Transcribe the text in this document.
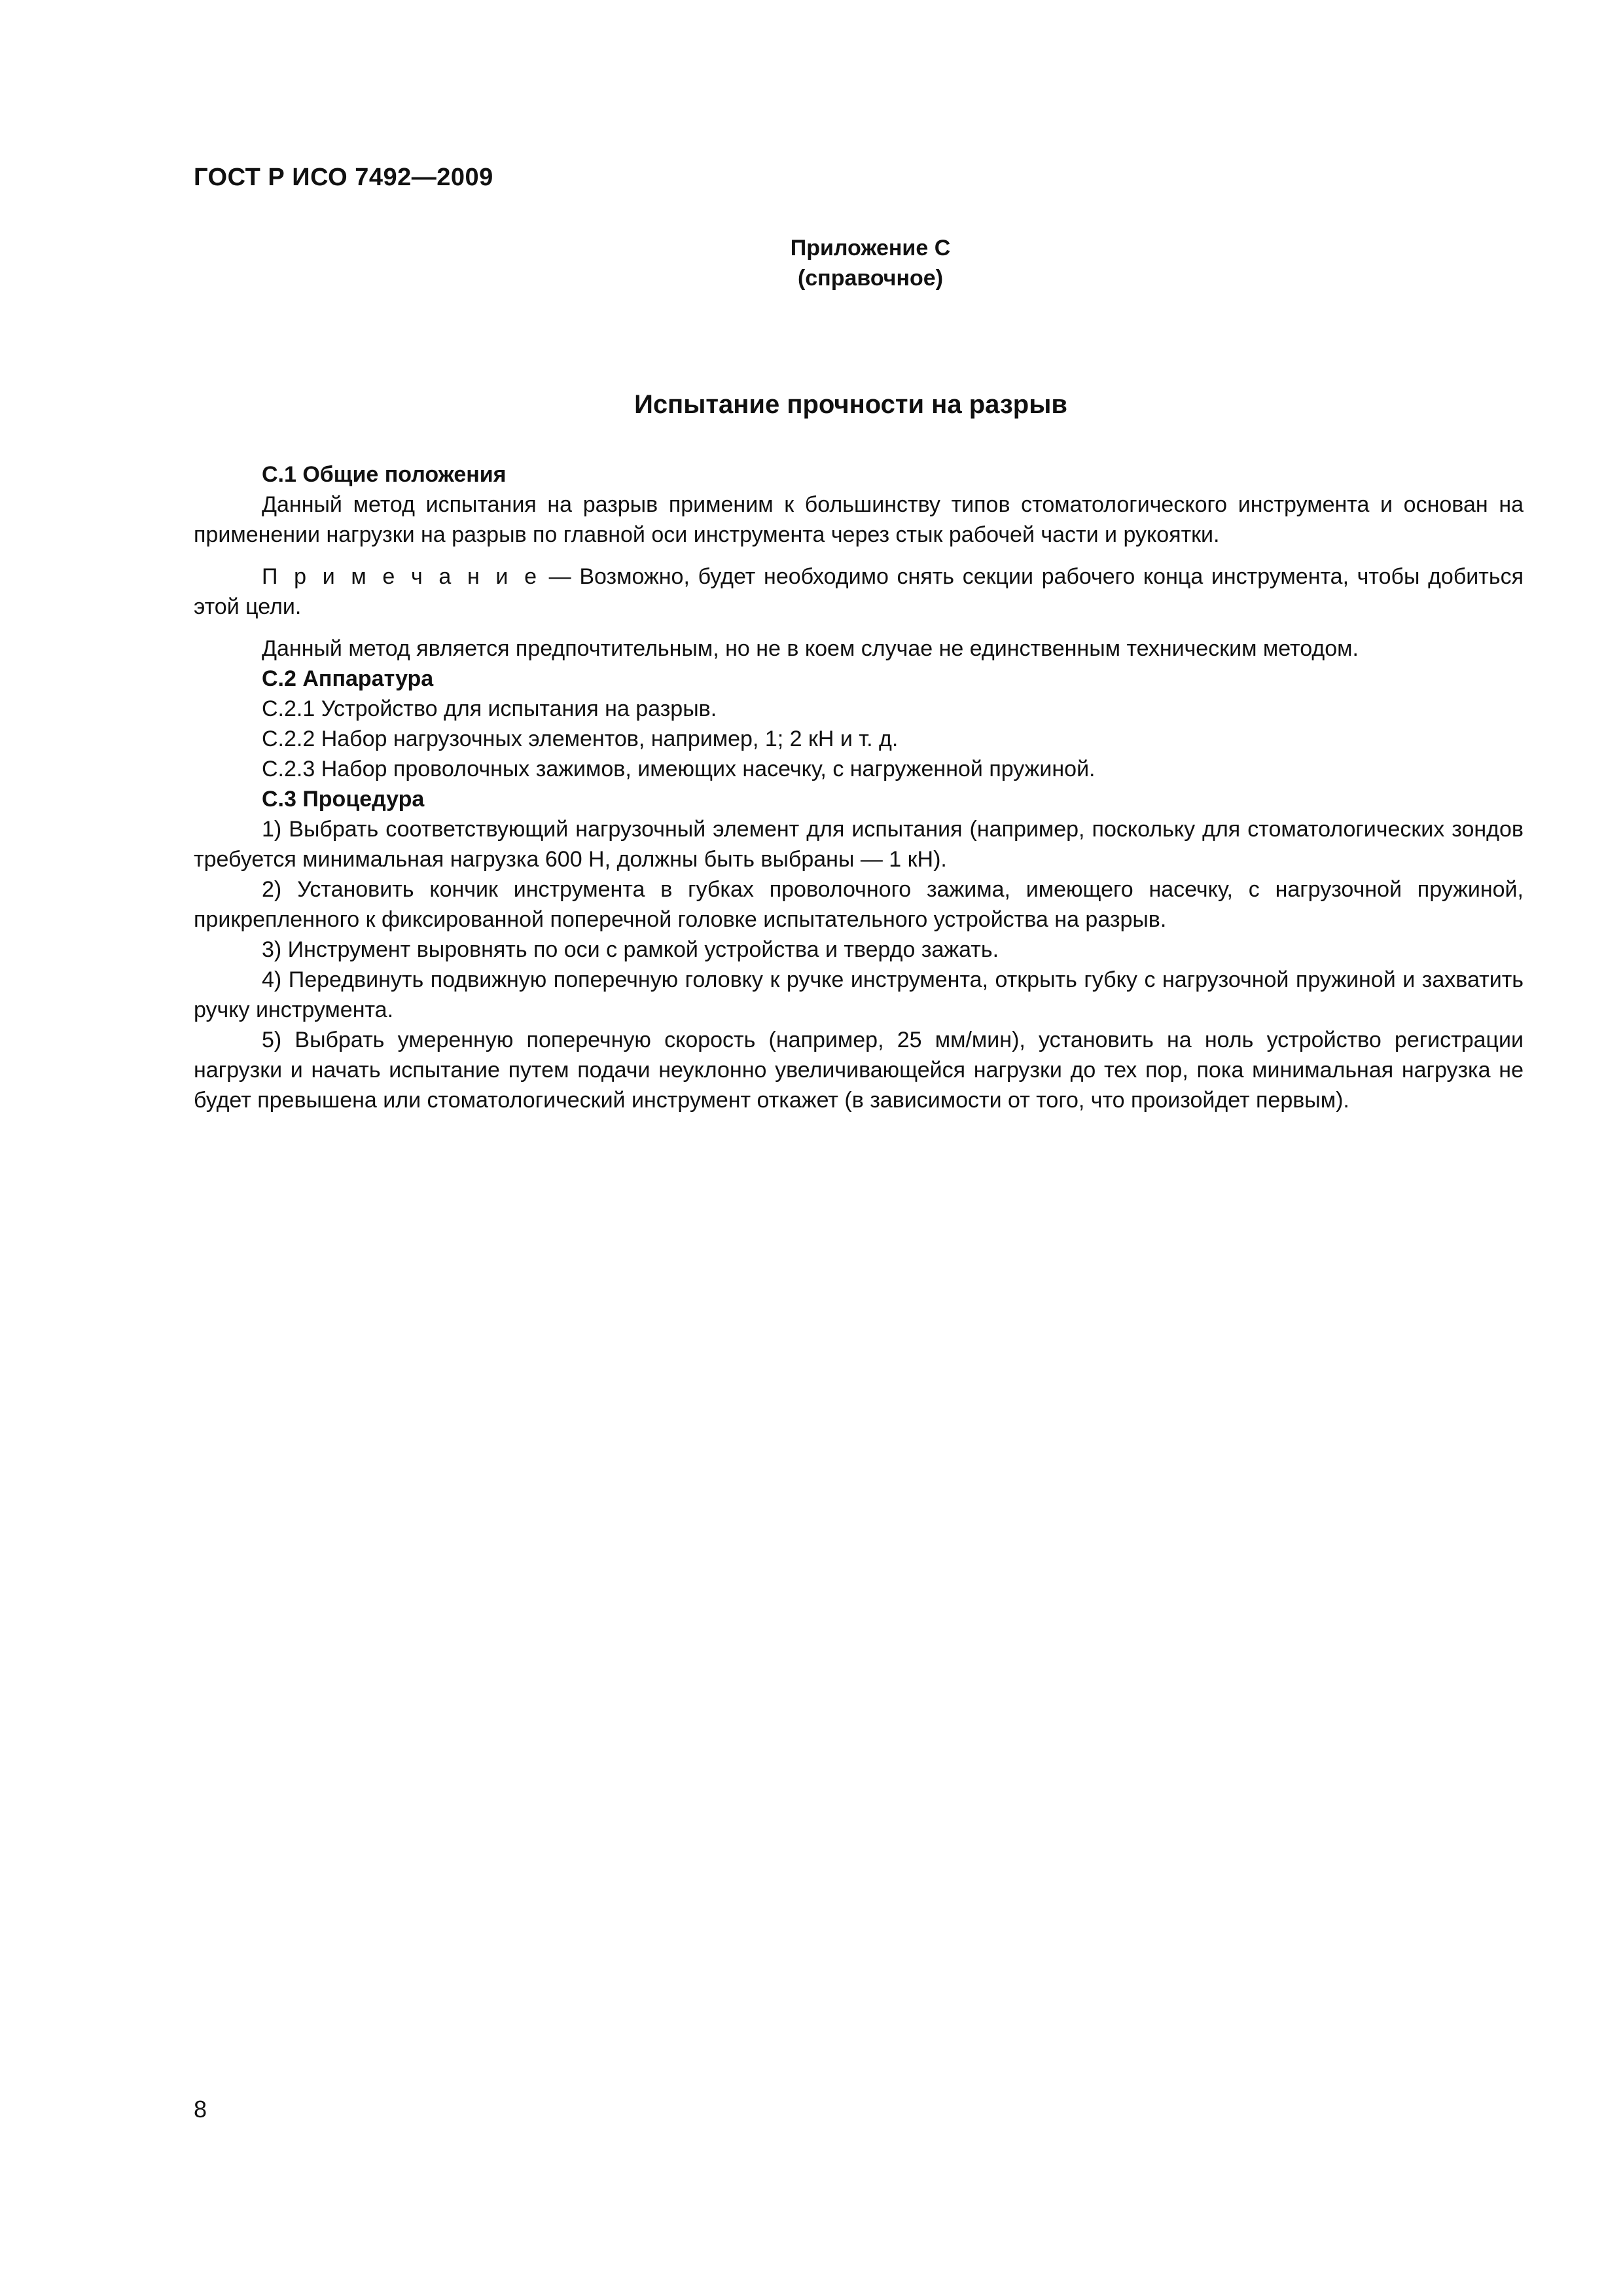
ГОСТ Р ИСО 7492—2009
Приложение C
(справочное)
Испытание прочности на разрыв

C.1 Общие положения

Данный метод испытания на разрыв применим к большинству типов стоматологического инструмента и основан на применении нагрузки на разрыв по главной оси инструмента через стык рабочей части и рукоятки.

П р и м е ч а н и е — Возможно, будет необходимо снять секции рабочего конца инструмента, чтобы добиться этой цели.

Данный метод является предпочтительным, но не в коем случае не единственным техническим методом.

C.2 Аппаратура

C.2.1 Устройство для испытания на разрыв.

C.2.2 Набор нагрузочных элементов, например, 1; 2 кН и т. д.

C.2.3 Набор проволочных зажимов, имеющих насечку, с нагруженной пружиной.

C.3 Процедура

1) Выбрать соответствующий нагрузочный элемент для испытания (например, поскольку для стоматологических зондов требуется минимальная нагрузка 600 Н, должны быть выбраны — 1 кН).

2) Установить кончик инструмента в губках проволочного зажима, имеющего насечку, с нагрузочной пружиной, прикрепленного к фиксированной поперечной головке испытательного устройства на разрыв.

3) Инструмент выровнять по оси с рамкой устройства и твердо зажать.

4) Передвинуть подвижную поперечную головку к ручке инструмента, открыть губку с нагрузочной пружиной и захватить ручку инструмента.

5) Выбрать умеренную поперечную скорость (например, 25 мм/мин), установить на ноль устройство регистрации нагрузки и начать испытание путем подачи неуклонно увеличивающейся нагрузки до тех пор, пока минимальная нагрузка не будет превышена или стоматологический инструмент откажет (в зависимости от того, что произойдет первым).

8
